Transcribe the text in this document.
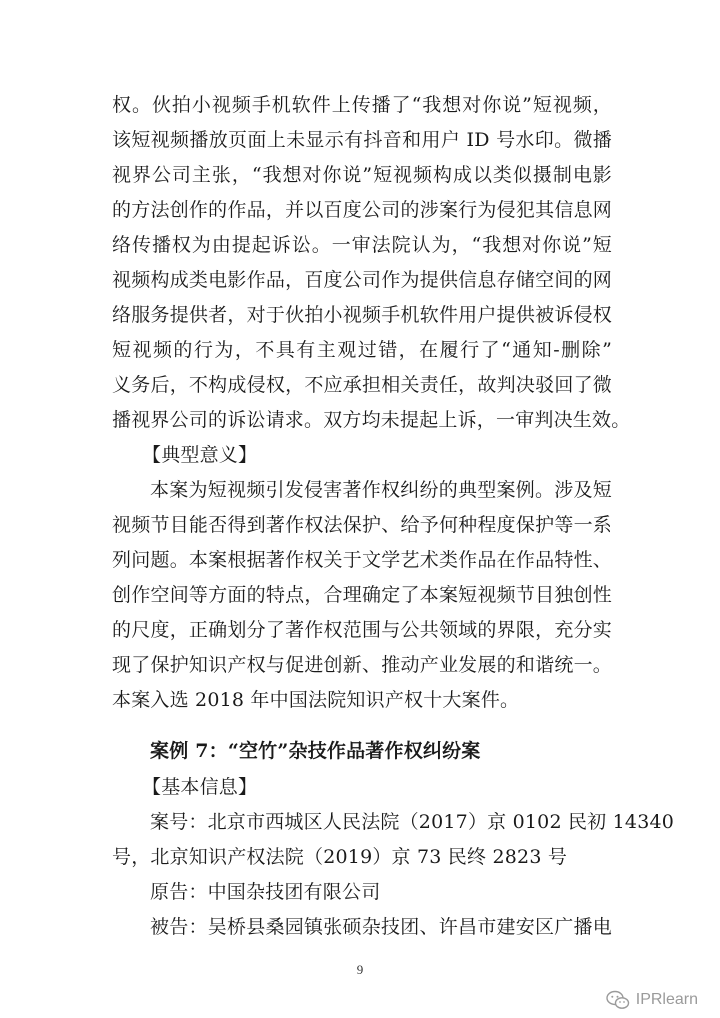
权。伙拍小视频手机软件上传播了“我想对你说”短视频，
该短视频播放页面上未显示有抖音和用户 ID 号水印。微播
视界公司主张，“我想对你说”短视频构成以类似摄制电影
的方法创作的作品，并以百度公司的涉案行为侵犯其信息网
络传播权为由提起诉讼。一审法院认为，“我想对你说”短
视频构成类电影作品，百度公司作为提供信息存储空间的网
络服务提供者，对于伙拍小视频手机软件用户提供被诉侵权
短视频的行为，不具有主观过错，在履行了“通知-删除”
义务后，不构成侵权，不应承担相关责任，故判决驳回了微
播视界公司的诉讼请求。双方均未提起上诉，一审判决生效。
【典型意义】
本案为短视频引发侵害著作权纠纷的典型案例。涉及短
视频节目能否得到著作权法保护、给予何种程度保护等一系
列问题。本案根据著作权关于文学艺术类作品在作品特性、
创作空间等方面的特点，合理确定了本案短视频节目独创性
的尺度，正确划分了著作权范围与公共领域的界限，充分实
现了保护知识产权与促进创新、推动产业发展的和谐统一。
本案入选 2018 年中国法院知识产权十大案件。
案例 7：“空竹”杂技作品著作权纠纷案
【基本信息】
案号：北京市西城区人民法院（2017）京 0102 民初 14340
号，北京知识产权法院（2019）京 73 民终 2823 号
原告：中国杂技团有限公司
被告：吴桥县桑园镇张硕杂技团、许昌市建安区广播电
9
IPRlearn
